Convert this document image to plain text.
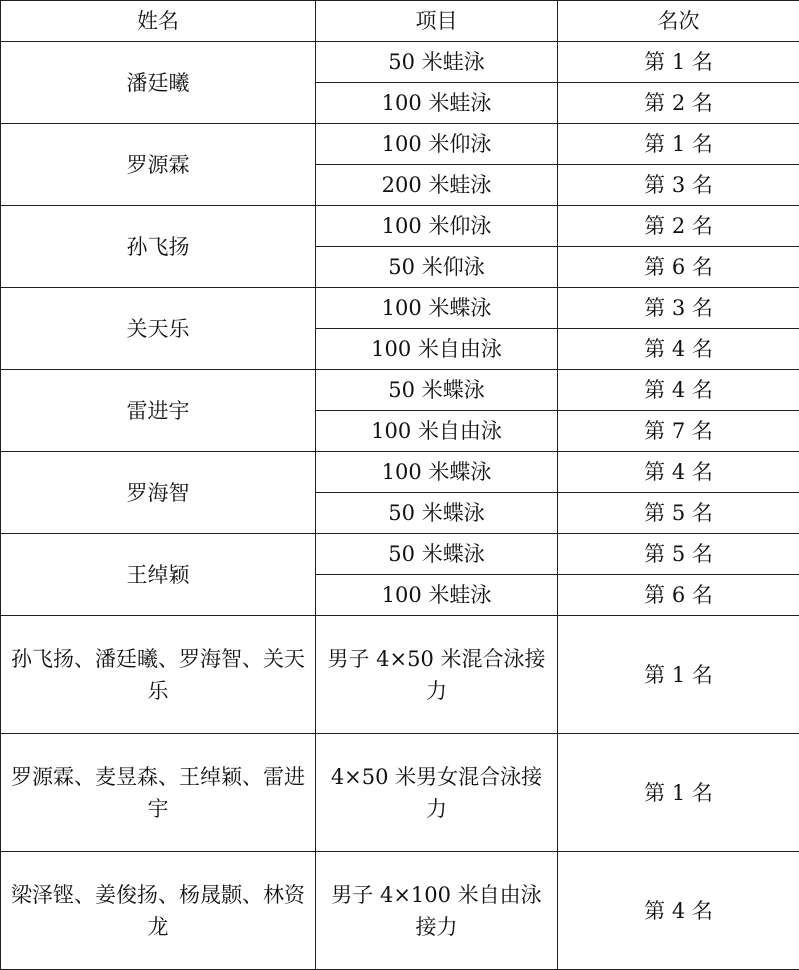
姓名	项目	名次
潘廷曦	50 米蛙泳	第 1 名
	100 米蛙泳	第 2 名
罗源霖	100 米仰泳	第 1 名
	200 米蛙泳	第 3 名
孙飞扬	100 米仰泳	第 2 名
	50 米仰泳	第 6 名
关天乐	100 米蝶泳	第 3 名
	100 米自由泳	第 4 名
雷进宇	50 米蝶泳	第 4 名
	100 米自由泳	第 7 名
罗海智	100 米蝶泳	第 4 名
	50 米蝶泳	第 5 名
王绰颖	50 米蝶泳	第 5 名
	100 米蛙泳	第 6 名
孙飞扬、潘廷曦、罗海智、关天乐	男子 4×50 米混合泳接力	第 1 名
罗源霖、麦昱森、王绰颖、雷进宇	4×50 米男女混合泳接力	第 1 名
梁泽铿、姜俊扬、杨晟颢、林资龙	男子 4×100 米自由泳接力	第 4 名
